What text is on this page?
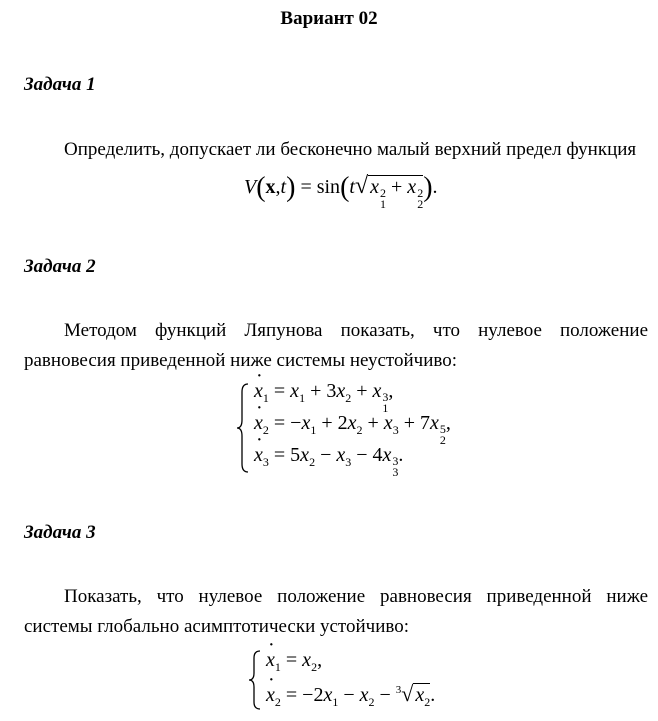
Вариант 02
Задача 1
Определить, допускает ли бесконечно малый верхний предел функция
V(x,t) = sin(t√ x 2
1
+ x 2
2
).
Задача 2
Методом функций Ляпунова показать, что нулевое положение равновесия приведенной ниже системы неустойчиво:
· $x_1 = x_1 + 3x_2 + x$ 3
1
,
· $x_2 = -x_1 + 2x_2 + x_3 + 7x$ 5
2
,
· $x_3 = 5x_2 - x_3 - 4x$ 3
3
.
Задача 3
Показать, что нулевое положение равновесия приведенной ниже системы глобально асимптотически устойчиво:
· $x_1 = x_2$,
· $x_2 = -2x_1 - x_2 - ^3√$ $x_2$.
